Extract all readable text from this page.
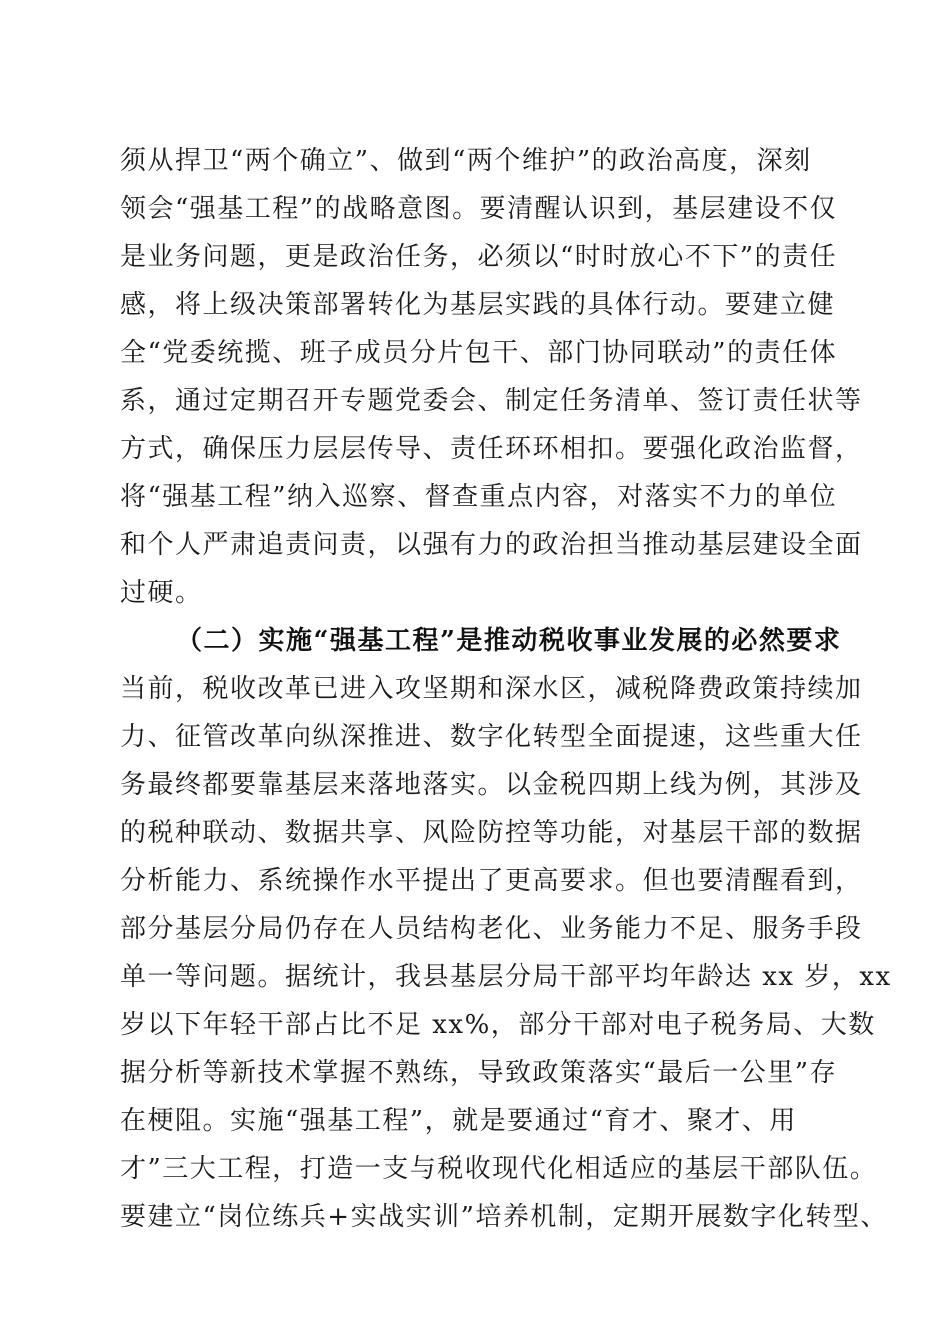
须从捍卫“两个确立”、做到“两个维护”的政治高度，深刻
领会“强基工程”的战略意图。要清醒认识到，基层建设不仅
是业务问题，更是政治任务，必须以“时时放心不下”的责任
感，将上级决策部署转化为基层实践的具体行动。要建立健
全“党委统揽、班子成员分片包干、部门协同联动”的责任体
系，通过定期召开专题党委会、制定任务清单、签订责任状等
方式，确保压力层层传导、责任环环相扣。要强化政治监督，
将“强基工程”纳入巡察、督查重点内容，对落实不力的单位
和个人严肃追责问责，以强有力的政治担当推动基层建设全面
过硬。
（二）实施“强基工程”是推动税收事业发展的必然要求
当前，税收改革已进入攻坚期和深水区，减税降费政策持续加
力、征管改革向纵深推进、数字化转型全面提速，这些重大任
务最终都要靠基层来落地落实。以金税四期上线为例，其涉及
的税种联动、数据共享、风险防控等功能，对基层干部的数据
分析能力、系统操作水平提出了更高要求。但也要清醒看到，
部分基层分局仍存在人员结构老化、业务能力不足、服务手段
单一等问题。据统计，我县基层分局干部平均年龄达 xx 岁，xx
岁以下年轻干部占比不足 xx%，部分干部对电子税务局、大数
据分析等新技术掌握不熟练，导致政策落实“最后一公里”存
在梗阻。实施“强基工程”，就是要通过“育才、聚才、用
才”三大工程，打造一支与税收现代化相适应的基层干部队伍。
要建立“岗位练兵+实战实训”培养机制，定期开展数字化转型、
